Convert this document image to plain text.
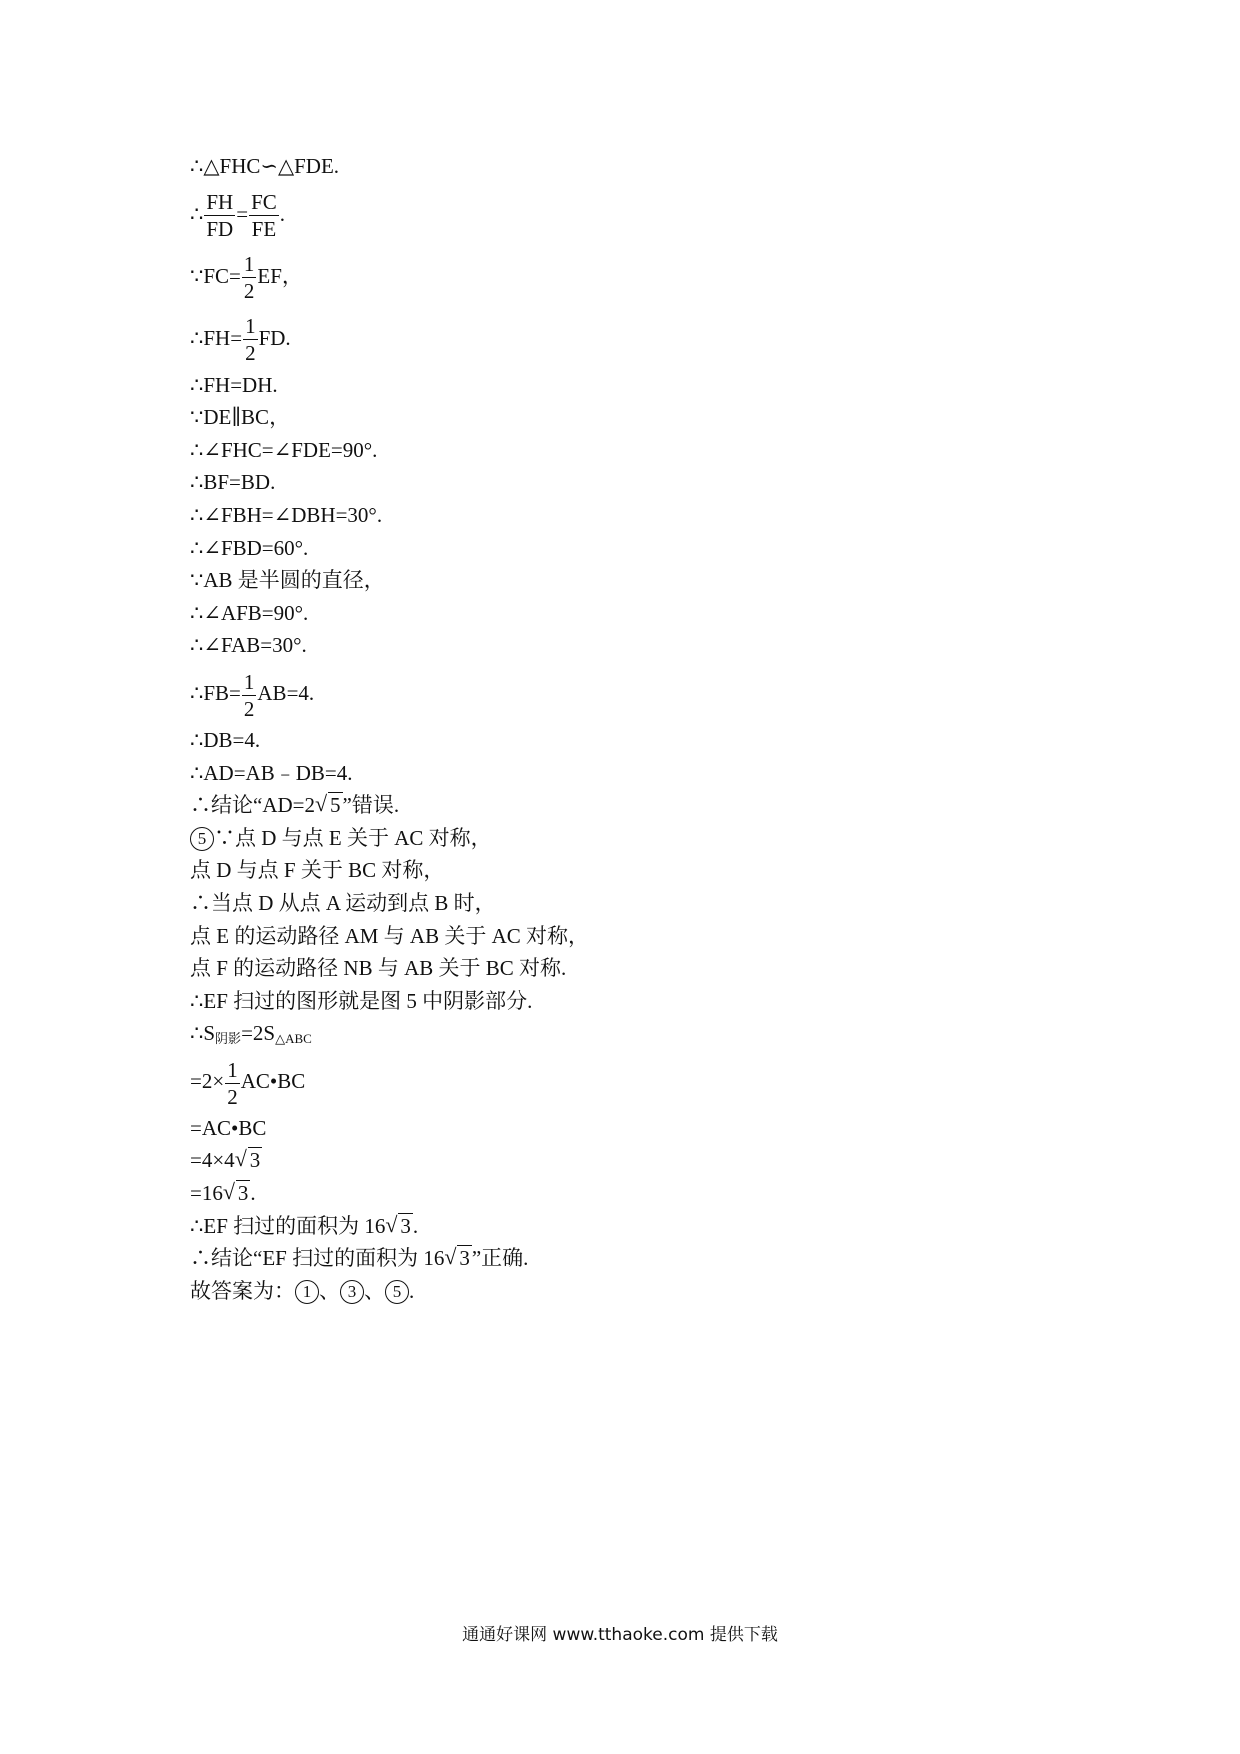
∴△FHC∽△FDE.
∴ $\frac{FH}{FD} = \frac{FC}{FE}$ .
∵FC= $\frac{1}{2}$ EF，
∴FH= $\frac{1}{2}$ FD.
∴FH=DH.
∵DE∥BC，
∴∠FHC=∠FDE=90°.
∴BF=BD.
∴∠FBH=∠DBH=30°.
∴∠FBD=60°.
∵AB 是半圆的直径，
∴∠AFB=90°.
∴∠FAB=30°.
∴FB= $\frac{1}{2} AB=4$.
∴DB=4.
∴AD=AB﹣DB=4.
∴结论“AD=2 √ 5”错误.
5 ∵点 D 与点 E 关于 AC 对称，
点 D 与点 F 关于 BC 对称，
∴当点 D 从点 A 运动到点 B 时，
点 E 的运动路径 AM 与 AB 关于 AC 对称，
点 F 的运动路径 NB 与 AB 关于 BC 对称.
∴EF 扫过的图形就是图 5 中阴影部分.
$\therefore S_{阴影}=2S_{\triangle ABC}$
$=2\times \frac{1}{2}$ AC•BC
=AC•BC
=4×4 √ 3
=16 √ 3.
∴EF 扫过的面积为 16 √ 3.
∴结论“EF 扫过的面积为 16 √ 3”正确.
故答案为： 1 、 3 、 5 .
通通好课网 www.tthaoke.com 提供下载
